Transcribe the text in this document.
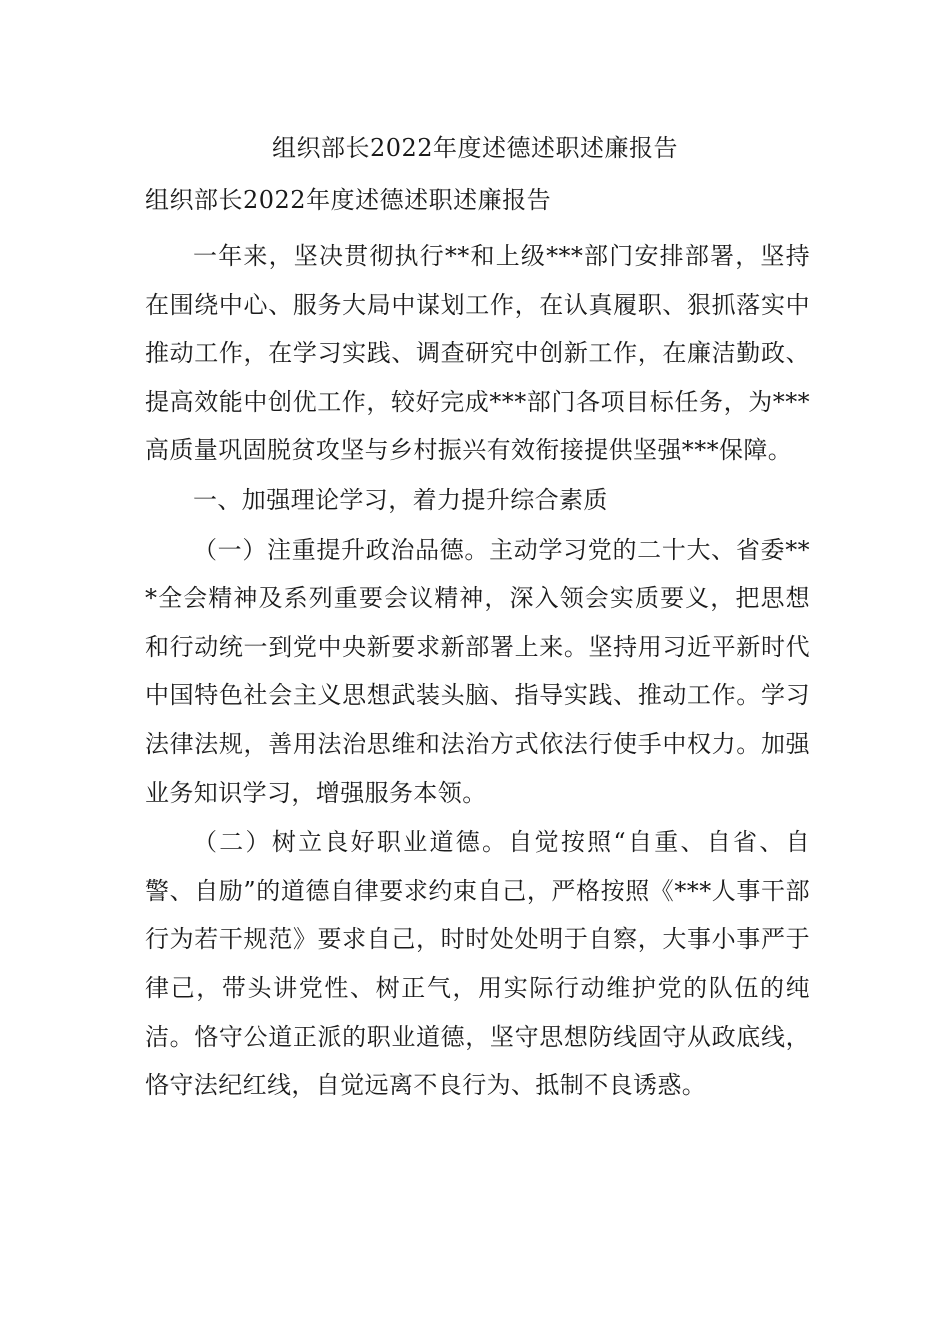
组织部长2022年度述德述职述廉报告
组织部长2022年度述德述职述廉报告

一年来，坚决贯彻执行**和上级***部门安排部署，坚持在围绕中心、服务大局中谋划工作，在认真履职、狠抓落实中推动工作，在学习实践、调查研究中创新工作，在廉洁勤政、提高效能中创优工作，较好完成***部门各项目标任务，为***高质量巩固脱贫攻坚与乡村振兴有效衔接提供坚强***保障。

一、加强理论学习，着力提升综合素质

（一）注重提升政治品德。主动学习党的二十大、省委***全会精神及系列重要会议精神，深入领会实质要义，把思想和行动统一到党中央新要求新部署上来。坚持用习近平新时代中国特色社会主义思想武装头脑、指导实践、推动工作。学习法律法规，善用法治思维和法治方式依法行使手中权力。加强业务知识学习，增强服务本领。

（二）树立良好职业道德。自觉按照“自重、自省、自警、自励”的道德自律要求约束自己，严格按照《***人事干部行为若干规范》要求自己，时时处处明于自察，大事小事严于律己，带头讲党性、树正气，用实际行动维护党的队伍的纯洁。恪守公道正派的职业道德，坚守思想防线固守从政底线，恪守法纪红线，自觉远离不良行为、抵制不良诱惑。
